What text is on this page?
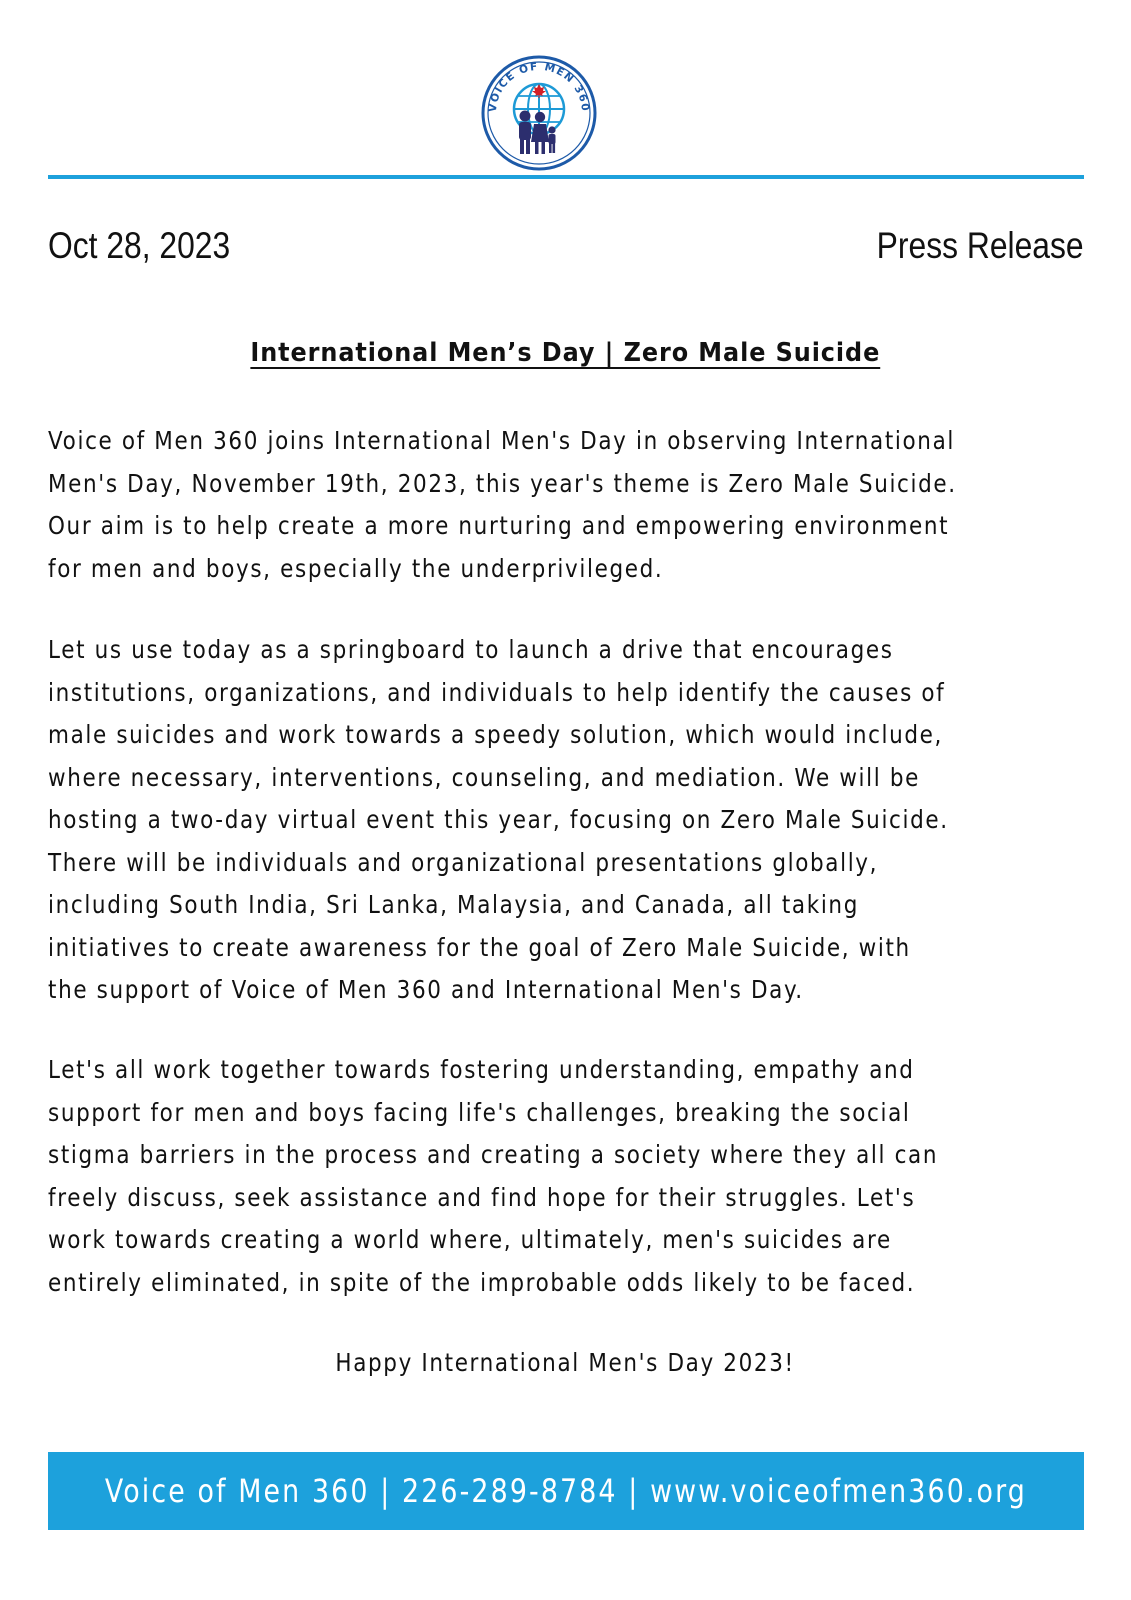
VOICE OF MEN 360
Oct 28, 2023	Press Release
International Men’s Day | Zero Male Suicide
Voice of Men 360 joins International Men's Day in observing International
Men's Day, November 19th, 2023, this year's theme is Zero Male Suicide.
Our aim is to help create a more nurturing and empowering environment
for men and boys, especially the underprivileged.
Let us use today as a springboard to launch a drive that encourages
institutions, organizations, and individuals to help identify the causes of
male suicides and work towards a speedy solution, which would include,
where necessary, interventions, counseling, and mediation. We will be
hosting a two-day virtual event this year, focusing on Zero Male Suicide.
There will be individuals and organizational presentations globally,
including South India, Sri Lanka, Malaysia, and Canada, all taking
initiatives to create awareness for the goal of Zero Male Suicide, with
the support of Voice of Men 360 and International Men's Day.
Let's all work together towards fostering understanding, empathy and
support for men and boys facing life's challenges, breaking the social
stigma barriers in the process and creating a society where they all can
freely discuss, seek assistance and find hope for their struggles. Let's
work towards creating a world where, ultimately, men's suicides are
entirely eliminated, in spite of the improbable odds likely to be faced.
Happy International Men's Day 2023!
Voice of Men 360 | 226-289-8784 | www.voiceofmen360.org
